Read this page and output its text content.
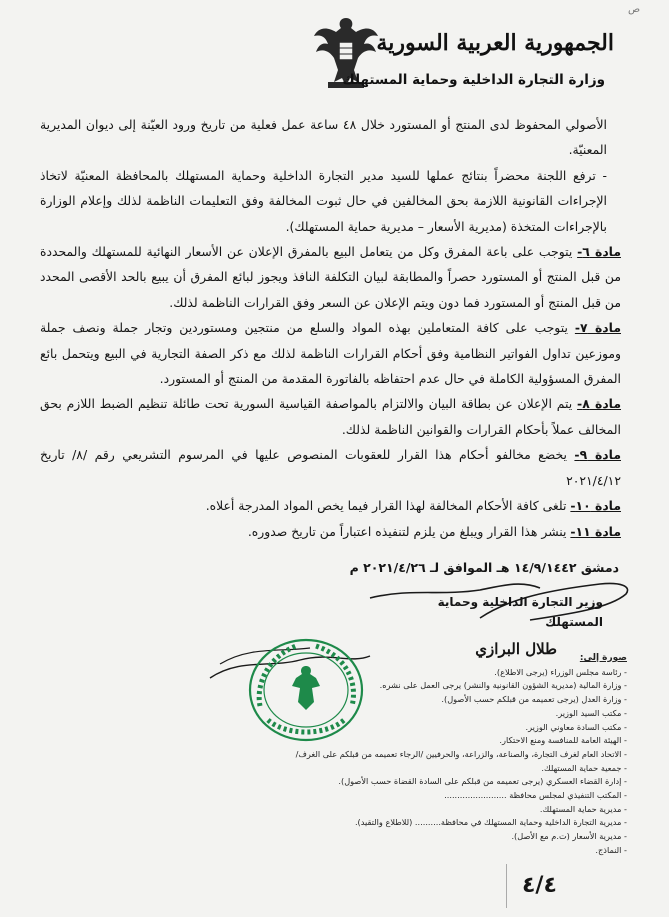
ص
الجمهورية العربية السورية
وزارة التجارة الداخلية وحماية المستهلك

الأصولي المحفوظ لدى المنتج أو المستورد خلال ٤٨ ساعة عمل فعلية من تاريخ ورود العيّنة إلى ديوان المديرية المعنيّة.

- ترفع اللجنة محضراً بنتائج عملها للسيد مدير التجارة الداخلية وحماية المستهلك بالمحافظة المعنيّة لاتخاذ الإجراءات القانونية اللازمة بحق المخالفين في حال ثبوت المخالفة وفق التعليمات الناظمة لذلك وإعلام الوزارة بالإجراءات المتخذة (مديرية الأسعار – مديرية حماية المستهلك).

مادة ٦- يتوجب على باعة المفرق وكل من يتعامل البيع بالمفرق الإعلان عن الأسعار النهائية للمستهلك والمحددة من قبل المنتج أو المستورد حصراً والمطابقة لبيان التكلفة النافذ ويجوز لبائع المفرق أن يبيع بالحد الأقصى المحدد من قبل المنتج أو المستورد فما دون ويتم الإعلان عن السعر وفق القرارات الناظمة لذلك.

مادة ٧- يتوجب على كافة المتعاملين بهذه المواد والسلع من منتجين ومستوردين وتجار جملة ونصف جملة وموزعين تداول الفواتير النظامية وفق أحكام القرارات الناظمة لذلك مع ذكر الصفة التجارية في البيع ويتحمل بائع المفرق المسؤولية الكاملة في حال عدم احتفاظه بالفاتورة المقدمة من المنتج أو المستورد.

مادة ٨- يتم الإعلان عن بطاقة البيان والالتزام بالمواصفة القياسية السورية تحت طائلة تنظيم الضبط اللازم بحق المخالف عملاً بأحكام القرارات والقوانين الناظمة لذلك.

مادة ٩- يخضع مخالفو أحكام هذا القرار للعقوبات المنصوص عليها في المرسوم التشريعي رقم /٨/ تاريخ ٢٠٢١/٤/١٢

مادة ١٠- تلغى كافة الأحكام المخالفة لهذا القرار فيما يخص المواد المدرجة أعلاه.

مادة ١١- ينشر هذا القرار ويبلغ من يلزم لتنفيذه اعتباراً من تاريخ صدوره.

دمشق ١٤/٩/١٤٤٢ هـ الموافق لـ ٢٠٢١/٤/٢٦ م
وزير التجارة الداخلية وحماية المستهلك
طلال البرازي	صورة إلى:
- رئاسة مجلس الوزراء (يرجى الاطلاع).
- وزارة المالية (مديرية الشؤون القانونية والنشر) يرجى العمل على نشره.
- وزارة العدل (يرجى تعميمه من قبلكم حسب الأصول).
- مكتب السيد الوزير.
- مكتب السادة معاوني الوزير.
- الهيئة العامة للمنافسة ومنع الاحتكار.
- الاتحاد العام لغرف التجارة، والصناعة، والزراعة، والحرفيين /الرجاء تعميمه من قبلكم على الغرف/
- جمعية حماية المستهلك.
- إدارة القضاء العسكري (يرجى تعميمه من قبلكم على السادة القضاة حسب الأصول).
- المكتب التنفيذي لمجلس محافظة ........................
- مديرية حماية المستهلك.
- مديرية التجارة الداخلية وحماية المستهلك في محافظة.......... (للاطلاع والتقيد).
- مديرية الأسعار (ت.م مع الأصل).
- النماذج.
٤/٤
